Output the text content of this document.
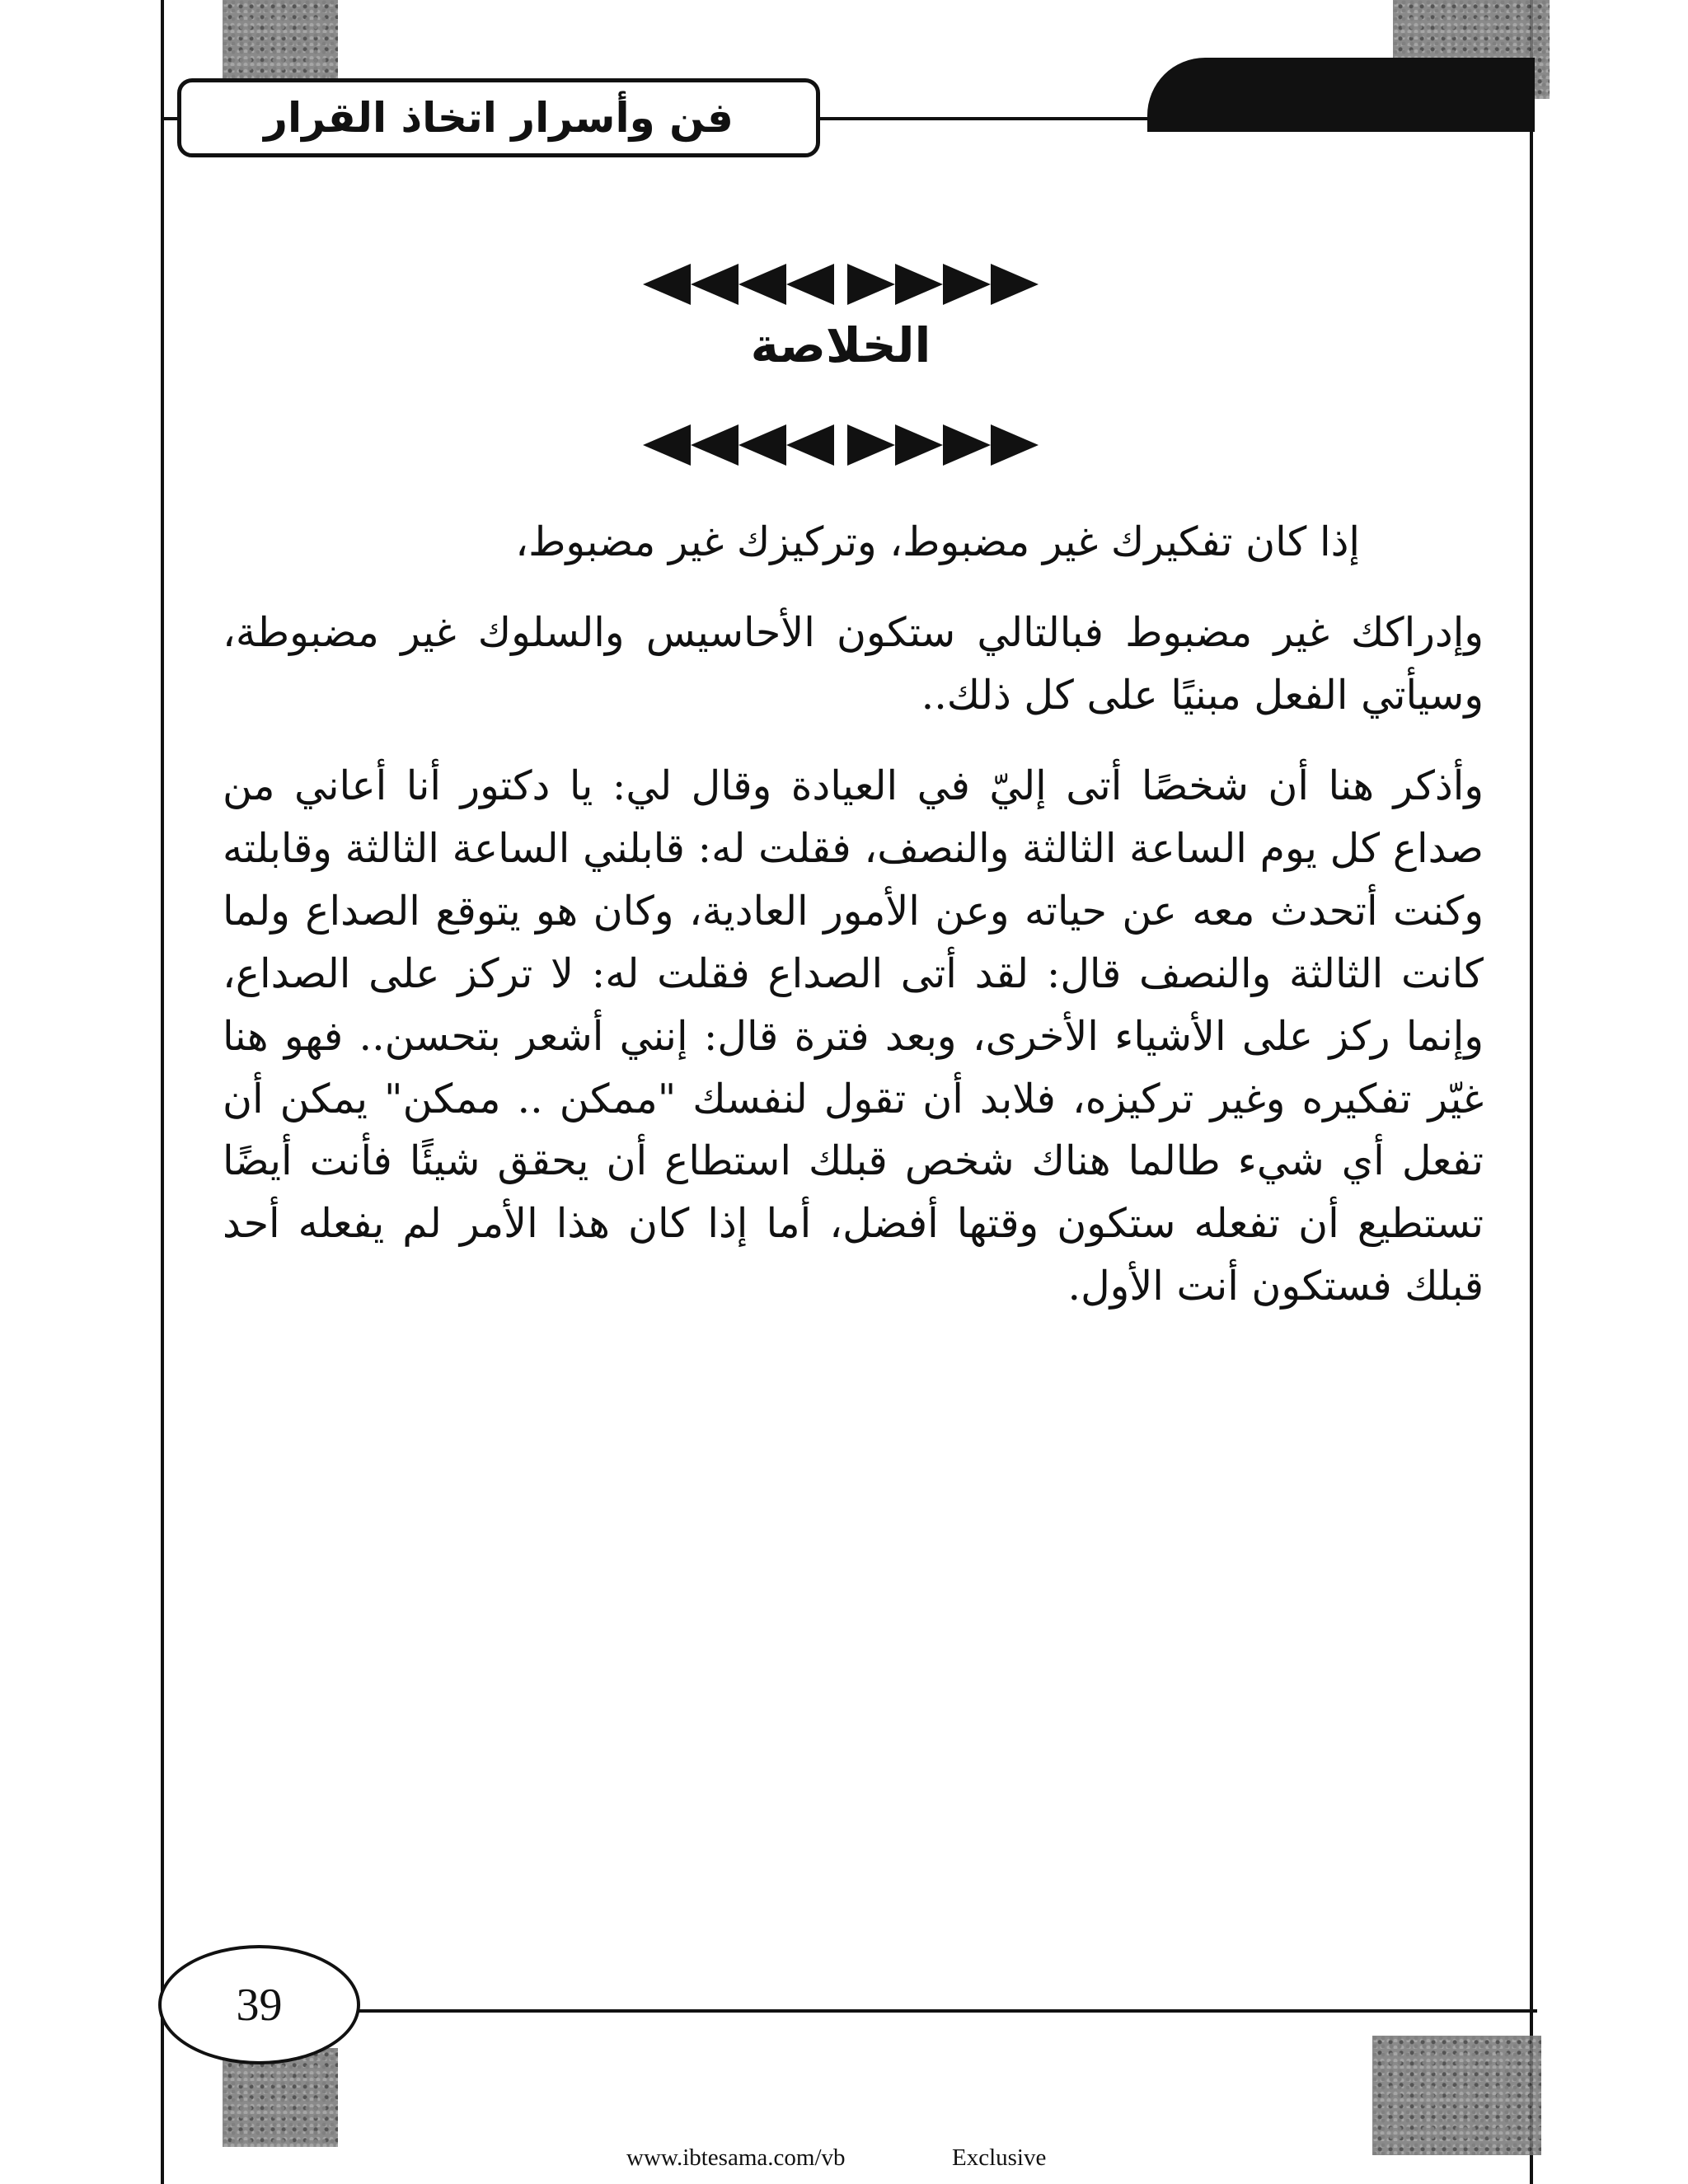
فن وأسرار اتخاذ القرار
الخلاصة

إذا كان تفكيرك غير مضبوط، وتركيزك غير مضبوط،

وإدراكك غير مضبوط فبالتالي ستكون الأحاسيس والسلوك غير مضبوطة، وسيأتي الفعل مبنيًا على كل ذلك..

وأذكر هنا أن شخصًا أتى إليّ في العيادة وقال لي: يا دكتور أنا أعاني من صداع كل يوم الساعة الثالثة والنصف، فقلت له: قابلني الساعة الثالثة وقابلته وكنت أتحدث معه عن حياته وعن الأمور العادية، وكان هو يتوقع الصداع ولما كانت الثالثة والنصف قال: لقد أتى الصداع فقلت له: لا تركز على الصداع، وإنما ركز على الأشياء الأخرى، وبعد فترة قال: إنني أشعر بتحسن.. فهو هنا غيّر تفكيره وغير تركيزه، فلابد أن تقول لنفسك "ممكن .. ممكن" يمكن أن تفعل أي شيء طالما هناك شخص قبلك استطاع أن يحقق شيئًا فأنت أيضًا تستطيع أن تفعله ستكون وقتها أفضل، أما إذا كان هذا الأمر لم يفعله أحد قبلك فستكون أنت الأول.

39
www.ibtesama.com/vb	Exclusive
